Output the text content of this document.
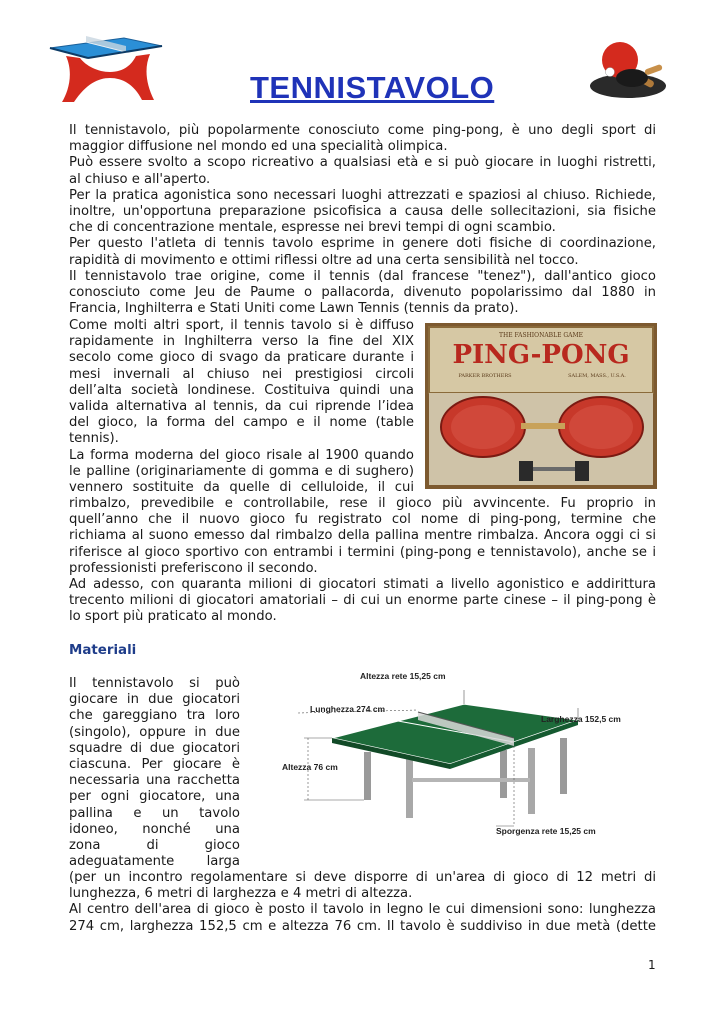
TENNISTAVOLO
Il tennistavolo, più popolarmente conosciuto come ping-pong, è uno degli sport di
maggior diffusione nel mondo ed una specialità olimpica.
Può essere svolto a scopo ricreativo a qualsiasi età e si può giocare in luoghi ristretti,
al chiuso e all'aperto.
Per la pratica agonistica sono necessari luoghi attrezzati e spaziosi al chiuso. Richiede,
inoltre, un'opportuna preparazione psicofisica a causa delle sollecitazioni, sia fisiche
che di concentrazione mentale, espresse nei brevi tempi di ogni scambio.
Per questo l'atleta di tennis tavolo esprime in genere doti fisiche di coordinazione,
rapidità di movimento e ottimi riflessi oltre ad una certa sensibilità nel tocco.
Il tennistavolo trae origine, come il tennis (dal francese "tenez"), dall'antico gioco
conosciuto come Jeu de Paume o pallacorda, divenuto popolarissimo dal 1880 in
Francia, Inghilterra e Stati Uniti come Lawn Tennis (tennis da prato).
Come molti altri sport, il tennis tavolo si è diffuso
rapidamente in Inghilterra verso la fine del XIX
secolo come gioco di svago da praticare durante i
mesi invernali al chiuso nei prestigiosi circoli
dell’alta società londinese. Costituiva quindi una
valida alternativa al tennis, da cui riprende l’idea
del gioco, la forma del campo e il nome (table
tennis).
La forma moderna del gioco risale al 1900 quando
le palline (originariamente di gomma e di sughero)
vennero sostituite da quelle di celluloide, il cui
THE FASHIONABLE GAME
PING-PONG
PARKER BROTHERS	SALEM, MASS., U.S.A.
rimbalzo, prevedibile e controllabile, rese il gioco più avvincente. Fu proprio in
quell’anno che il nuovo gioco fu registrato col nome di ping-pong, termine che
richiama al suono emesso dal rimbalzo della pallina mentre rimbalza. Ancora oggi ci si
riferisce al gioco sportivo con entrambi i termini (ping-pong e tennistavolo), anche se i
professionisti preferiscono il secondo.
Ad adesso, con quaranta milioni di giocatori stimati a livello agonistico e addirittura
trecento milioni di giocatori amatoriali – di cui un enorme parte cinese – il ping-pong è
lo sport più praticato al mondo.
Materiali
Il tennistavolo si può
giocare in due giocatori
che gareggiano tra loro
(singolo), oppure in due
squadre di due giocatori
ciascuna. Per giocare è
necessaria una racchetta
per ogni giocatore, una
pallina e un tavolo
idoneo, nonché una
zona di gioco
adeguatamente larga
Altezza rete 15,25 cm
Lunghezza 274 cm
Larghezza 152,5 cm
Altezza 76 cm
Sporgenza rete 15,25 cm
(per un incontro regolamentare si deve disporre di un'area di gioco di 12 metri di
lunghezza, 6 metri di larghezza e 4 metri di altezza.
Al centro dell'area di gioco è posto il tavolo in legno le cui dimensioni sono: lunghezza
274 cm, larghezza 152,5 cm e altezza 76 cm. Il tavolo è suddiviso in due metà (dette
1
